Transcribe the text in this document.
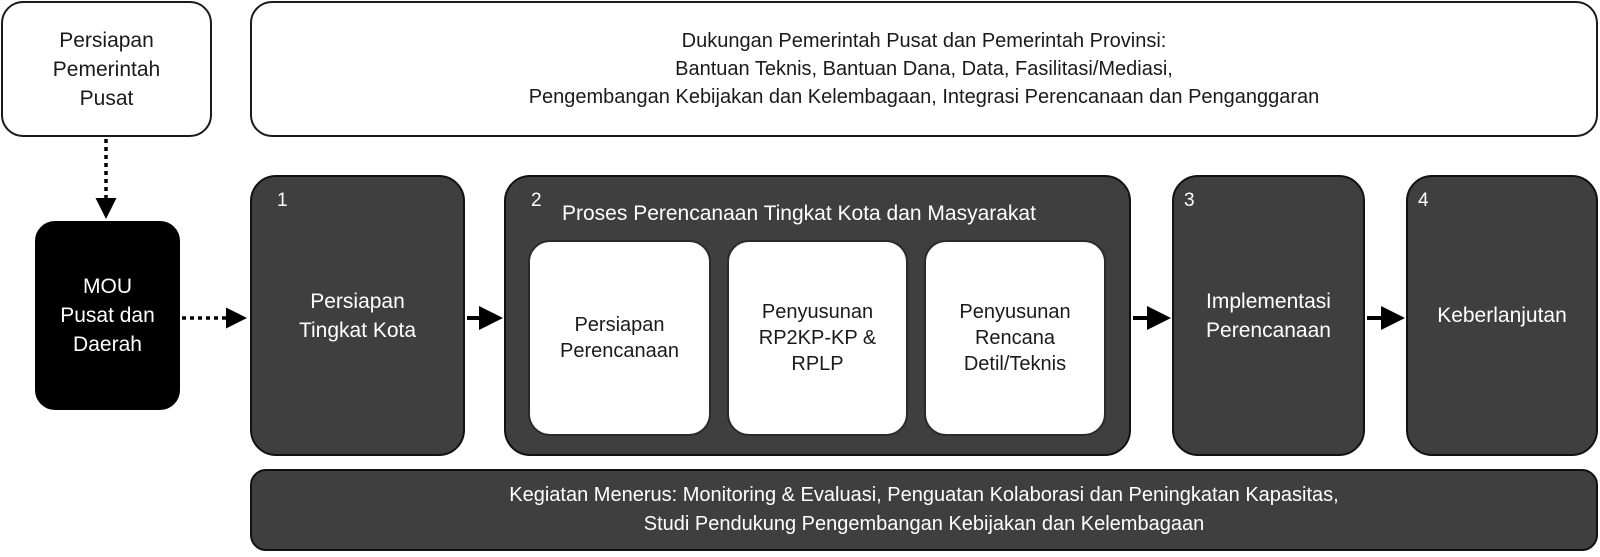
Persiapan
Pemerintah
Pusat
Dukungan Pemerintah Pusat dan Pemerintah Provinsi:
Bantuan Teknis, Bantuan Dana, Data, Fasilitasi/Mediasi,
Pengembangan Kebijakan dan Kelembagaan, Integrasi Perencanaan dan Penganggaran
MOU
Pusat dan
Daerah
Persiapan
Tingkat Kota
1	2
Proses Perencanaan Tingkat Kota dan Masyarakat
Persiapan
Perencanaan
Penyusunan
RP2KP-KP &
RPLP
Penyusunan
Rencana
Detil/Teknis
Implementasi
Perencanaan
3
Keberlanjutan
4
Kegiatan Menerus: Monitoring & Evaluasi, Penguatan Kolaborasi dan Peningkatan Kapasitas,
Studi Pendukung Pengembangan Kebijakan dan Kelembagaan
